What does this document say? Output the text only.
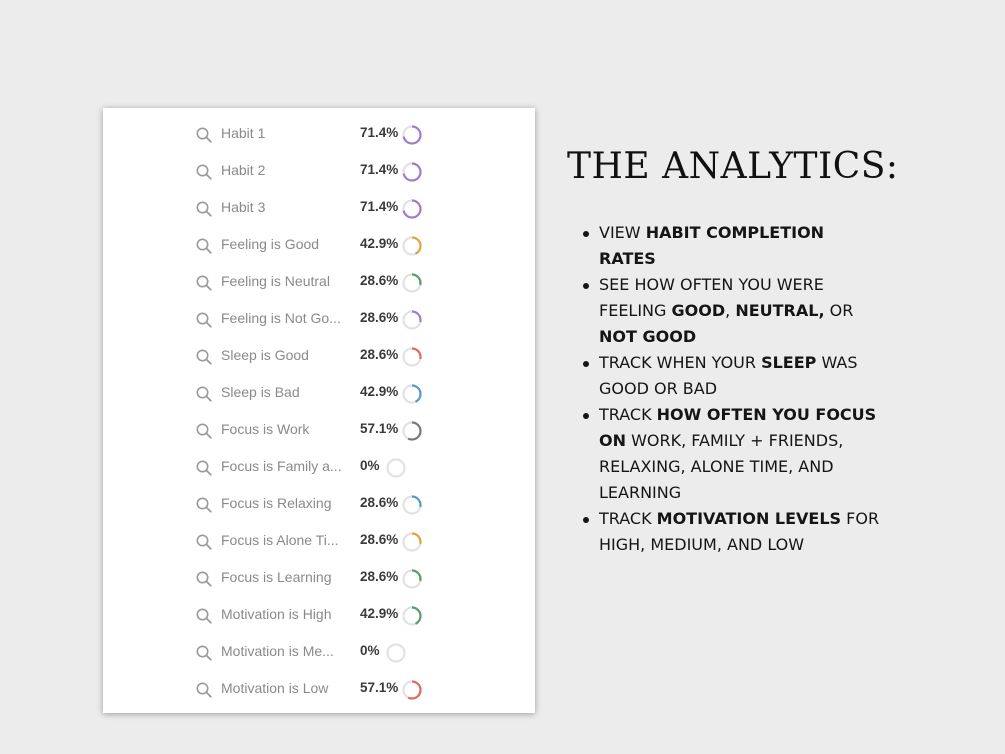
Habit 1	71.4%
Habit 2	71.4%
Habit 3	71.4%
Feeling is Good	42.9%
Feeling is Neutral 28.6%
Feeling is Not Go... 28.6%
Sleep is Good	28.6%
Sleep is Bad	42.9%
Focus is Work	57.1%
Focus is Family a... 0%
Focus is Relaxing 28.6%
Focus is Alone Ti... 28.6%
Focus is Learning 28.6%
Motivation is High 42.9%
Motivation is Me... 0%
Motivation is Low 57.1%
THE ANALYTICS:
VIEW HABIT COMPLETION RATES
SEE HOW OFTEN YOU WERE FEELING GOOD, NEUTRAL, OR NOT GOOD
TRACK WHEN YOUR SLEEP WAS GOOD OR BAD
TRACK HOW OFTEN YOU FOCUS ON WORK, FAMILY + FRIENDS, RELAXING, ALONE TIME, AND LEARNING
TRACK MOTIVATION LEVELS FOR HIGH, MEDIUM, AND LOW
